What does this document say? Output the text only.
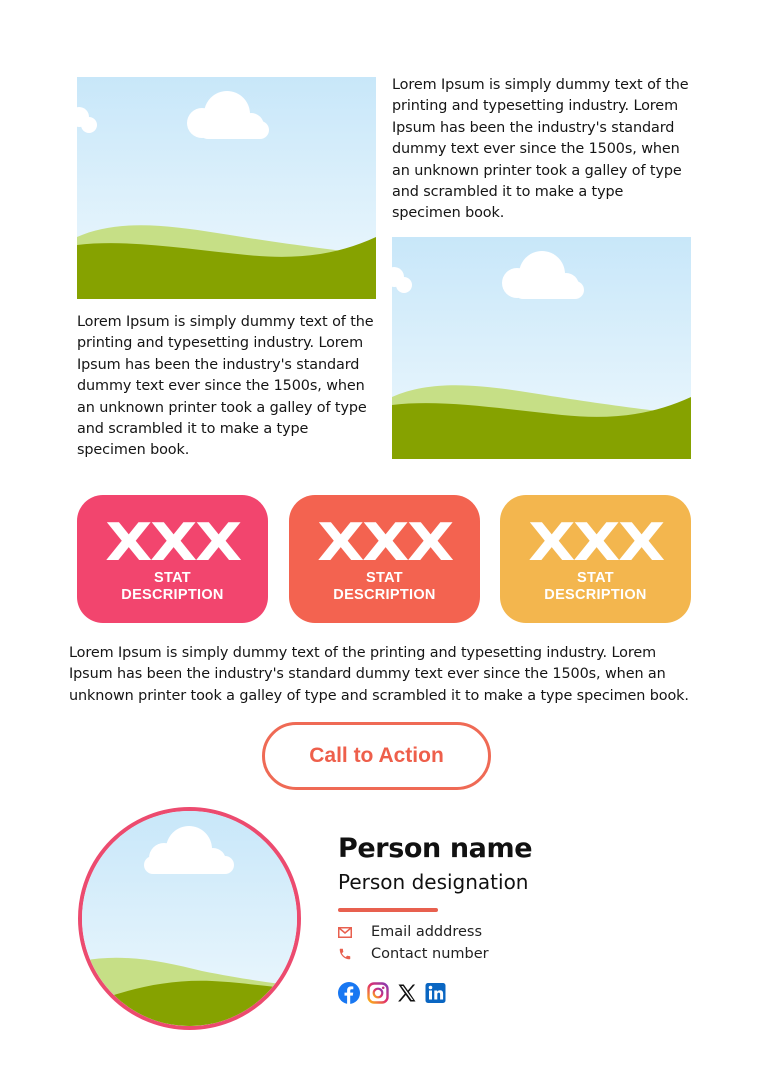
Lorem Ipsum is simply dummy text of the printing and typesetting industry. Lorem Ipsum has been the industry's standard dummy text ever since the 1500s, when an unknown printer took a galley of type and scrambled it to make a type specimen book.
Lorem Ipsum is simply dummy text of the printing and typesetting industry. Lorem Ipsum has been the industry's standard dummy text ever since the 1500s, when an unknown printer took a galley of type and scrambled it to make a type specimen book.
XXX
STAT
DESCRIPTION
XXX
STAT
DESCRIPTION
XXX
STAT
DESCRIPTION
Lorem Ipsum is simply dummy text of the printing and typesetting industry. Lorem Ipsum has been the industry's standard dummy text ever since the 1500s, when an unknown printer took a galley of type and scrambled it to make a type specimen book.
Call to Action
Person name
Person designation
Email adddress
Contact number
